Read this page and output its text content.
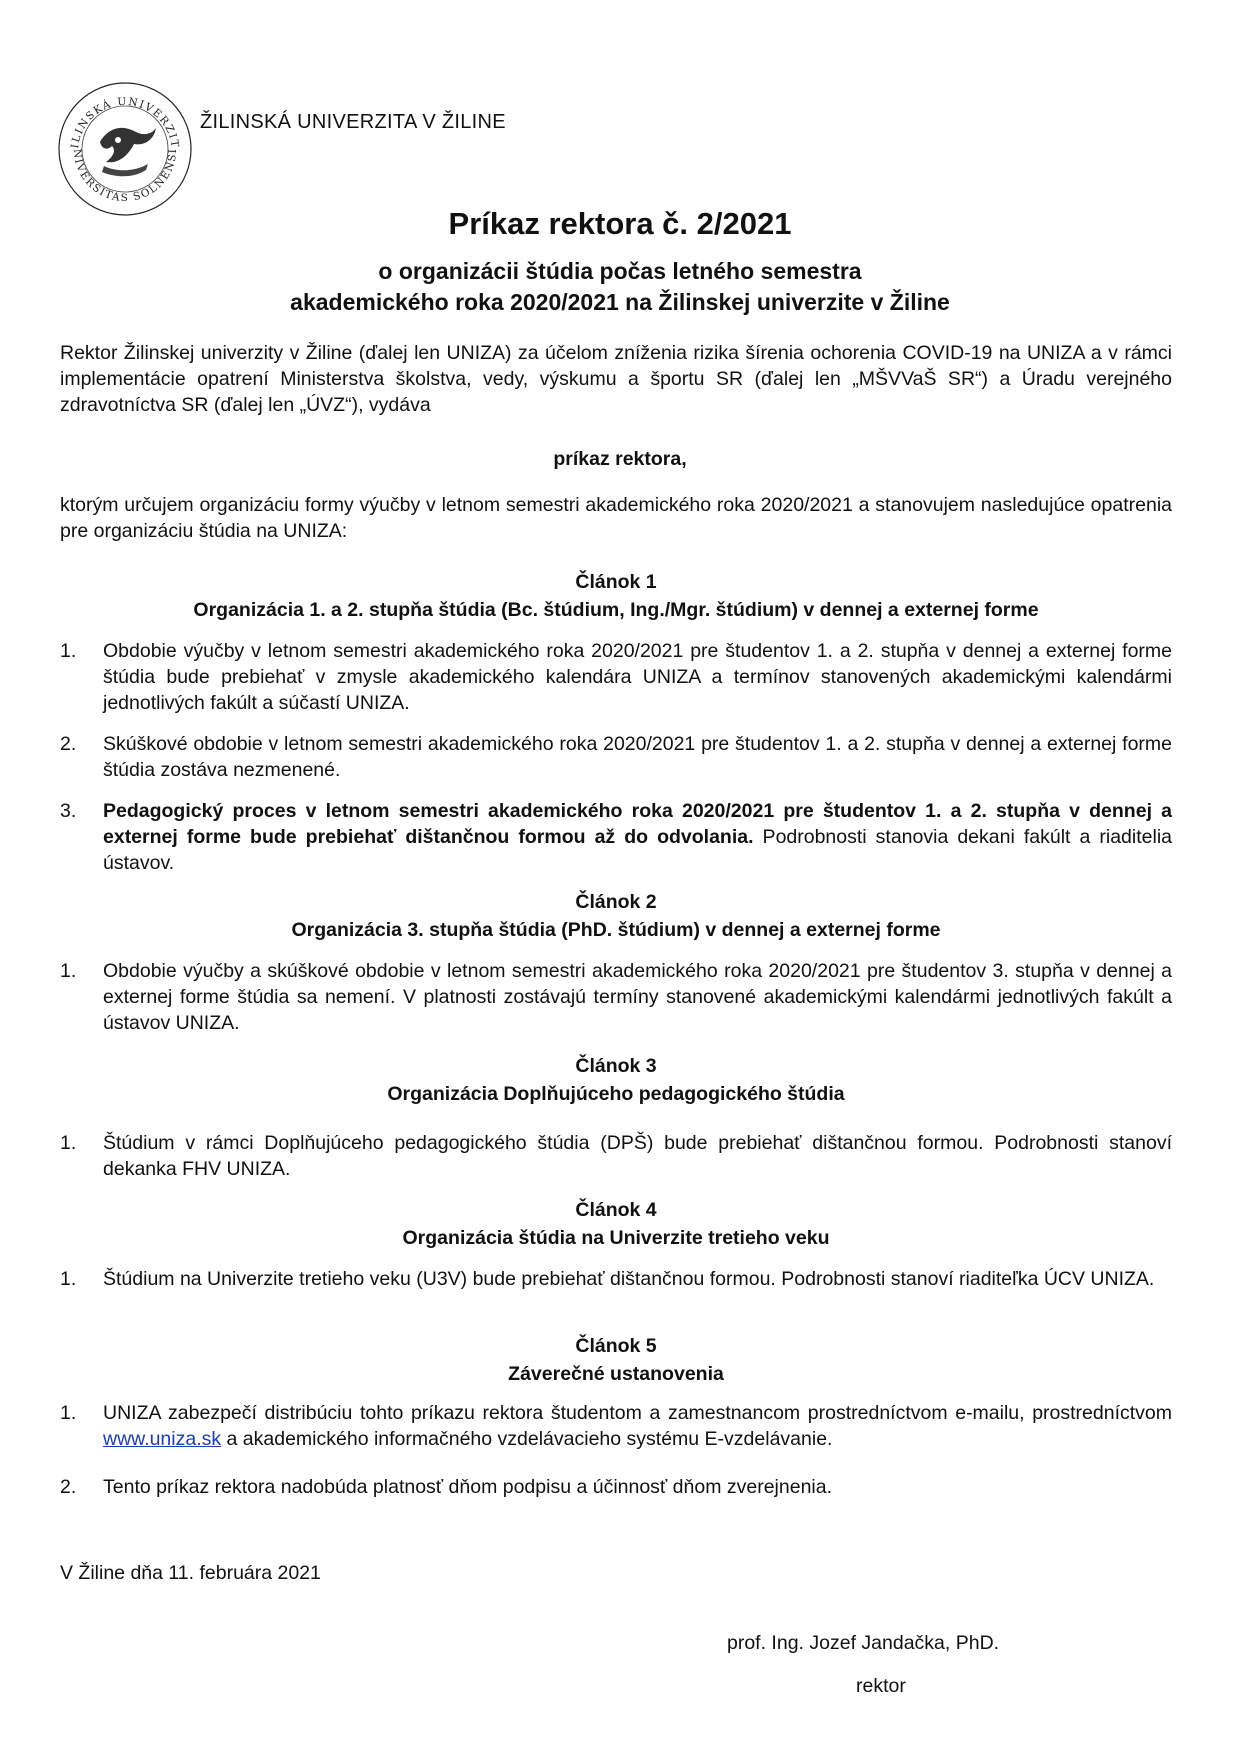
ILINSKÁ UNIVERZIT
NIVERSITAS SOLNENSI
ŽILINSKÁ UNIVERZITA V ŽILINE
Príkaz rektora č. 2/2021
o organizácii štúdia počas letného semestra
akademického roka 2020/2021 na Žilinskej univerzite v Žiline
Rektor Žilinskej univerzity v Žiline (ďalej len UNIZA) za účelom zníženia rizika šírenia ochorenia COVID-19 na UNIZA a v rámci implementácie opatrení Ministerstva školstva, vedy, výskumu a športu SR (ďalej len „MŠVVaŠ SR“) a Úradu verejného zdravotníctva SR (ďalej len „ÚVZ“), vydáva
príkaz rektora,
ktorým určujem organizáciu formy výučby v letnom semestri akademického roka 2020/2021 a stanovujem nasledujúce opatrenia pre organizáciu štúdia na UNIZA:
Článok 1
Organizácia 1. a 2. stupňa štúdia (Bc. štúdium, Ing./Mgr. štúdium) v dennej a externej forme
1. Obdobie výučby v letnom semestri akademického roka 2020/2021 pre študentov 1. a 2. stupňa v dennej a externej forme štúdia bude prebiehať v zmysle akademického kalendára UNIZA a termínov stanovených akademickými kalendármi jednotlivých fakúlt a súčastí UNIZA.
2. Skúškové obdobie v letnom semestri akademického roka 2020/2021 pre študentov 1. a 2. stupňa v dennej a externej forme štúdia zostáva nezmenené.
3. Pedagogický proces v letnom semestri akademického roka 2020/2021 pre študentov 1. a 2. stupňa v dennej a externej forme bude prebiehať dištančnou formou až do odvolania. Podrobnosti stanovia dekani fakúlt a riaditelia ústavov.
Článok 2
Organizácia 3. stupňa štúdia (PhD. štúdium) v dennej a externej forme
1. Obdobie výučby a skúškové obdobie v letnom semestri akademického roka 2020/2021 pre študentov 3. stupňa v dennej a externej forme štúdia sa nemení. V platnosti zostávajú termíny stanovené akademickými kalendármi jednotlivých fakúlt a ústavov UNIZA.
Článok 3
Organizácia Doplňujúceho pedagogického štúdia
1. Štúdium v rámci Doplňujúceho pedagogického štúdia (DPŠ) bude prebiehať dištančnou formou. Podrobnosti stanoví dekanka FHV UNIZA.
Článok 4
Organizácia štúdia na Univerzite tretieho veku
1. Štúdium na Univerzite tretieho veku (U3V) bude prebiehať dištančnou formou. Podrobnosti stanoví riaditeľka ÚCV UNIZA.
Článok 5
Záverečné ustanovenia
1. UNIZA zabezpečí distribúciu tohto príkazu rektora študentom a zamestnancom prostredníctvom e-mailu, prostredníctvom www.uniza.sk a akademického informačného vzdelávacieho systému E-vzdelávanie.
2. Tento príkaz rektora nadobúda platnosť dňom podpisu a účinnosť dňom zverejnenia.
V Žiline dňa 11. februára 2021
prof. Ing. Jozef Jandačka, PhD.
rektor
